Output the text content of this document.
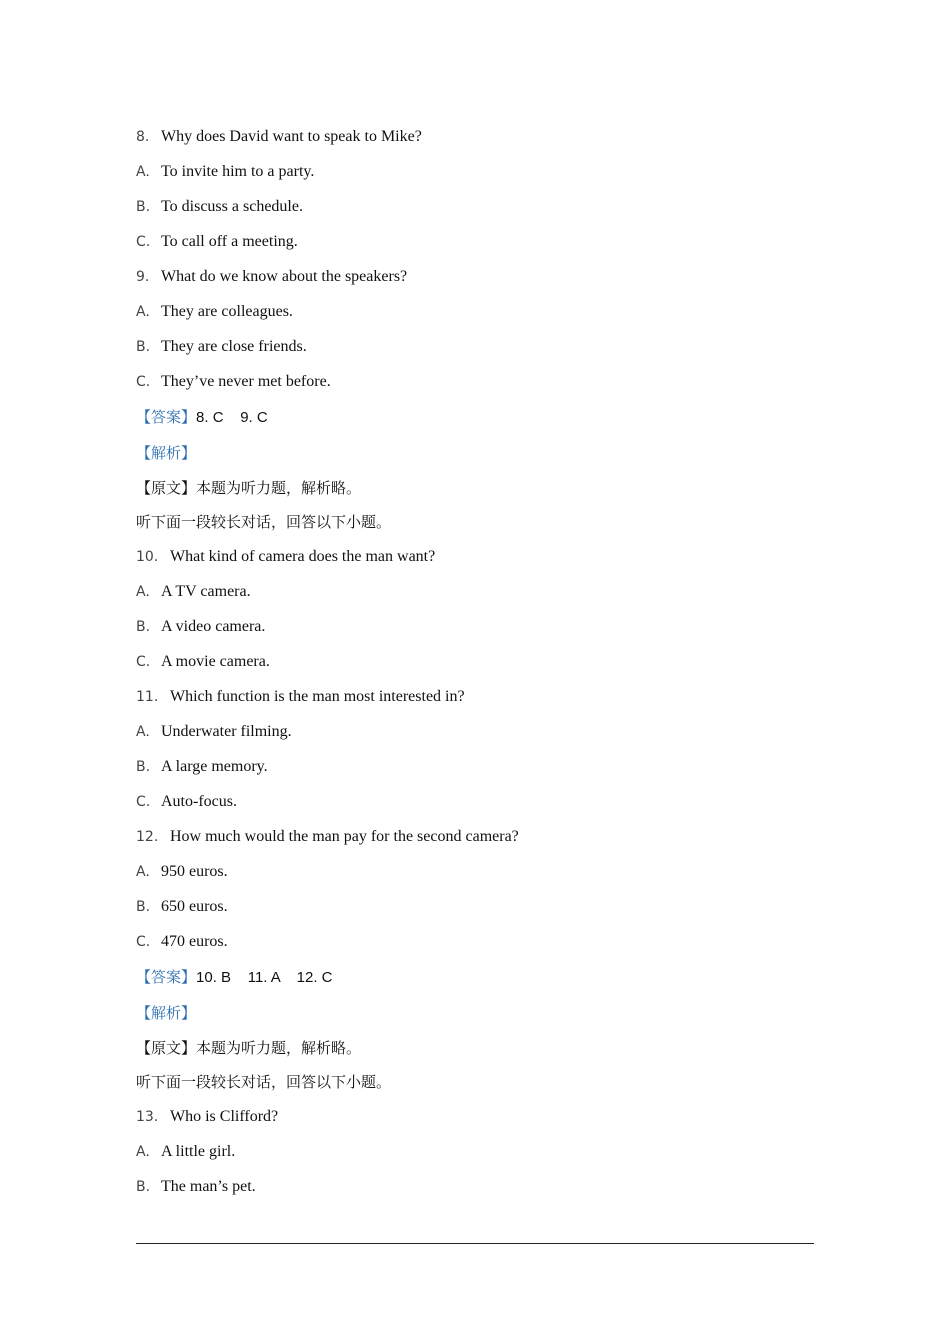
8. Why does David want to speak to Mike?
A. To invite him to a party.
B. To discuss a schedule.
C. To call off a meeting.
9. What do we know about the speakers?
A. They are colleagues.
B. They are close friends.
C. They’ve never met before.
【答案】8. C    9. C
【解析】
【原文】本题为听力题，解析略。
听下面一段较长对话，回答以下小题。
10. What kind of camera does the man want?
A. A TV camera.
B. A video camera.
C. A movie camera.
11. Which function is the man most interested in?
A. Underwater filming.
B. A large memory.
C. Auto-focus.
12. How much would the man pay for the second camera?
A. 950 euros.
B. 650 euros.
C. 470 euros.
【答案】10. B    11. A    12. C
【解析】
【原文】本题为听力题，解析略。
听下面一段较长对话，回答以下小题。
13. Who is Clifford?
A. A little girl.
B. The man’s pet.
